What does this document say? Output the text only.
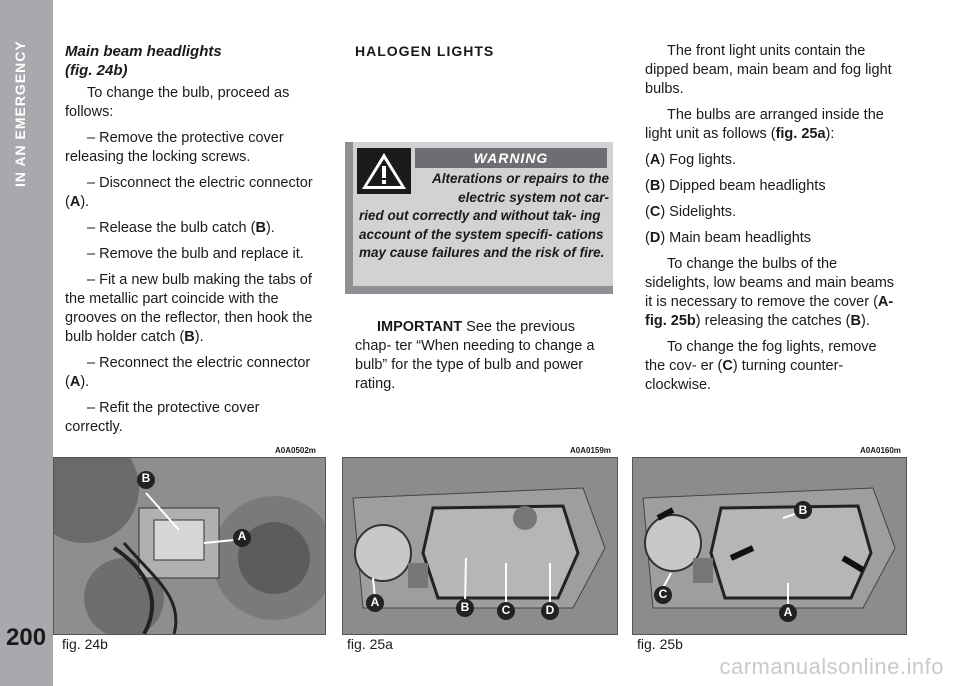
IN AN EMERGENCY
200
Main beam headlights
(fig. 24b)

To change the bulb, proceed as follows:

– Remove the protective cover releasing the locking screws.

– Disconnect the electric connector (A).

– Release the bulb catch (B).

– Remove the bulb and replace it.

– Fit a new bulb making the tabs of the metallic part coincide with the grooves on the reflector, then hook the bulb holder catch (B).

– Reconnect the electric connector (A).

– Refit the protective cover correctly.

HALOGEN LIGHTS

WARNING
Alterations or repairs to the electric system not car-
ried out correctly and without tak- ing account of the system specifi- cations may cause failures and the risk of fire.

IMPORTANT See the previous chap- ter “When needing to change a bulb” for the type of bulb and power rating.

The front light units contain the dipped beam, main beam and fog light bulbs.

The bulbs are arranged inside the light unit as follows (fig. 25a):

(A) Fog lights.

(B) Dipped beam headlights

(C) Sidelights.

(D) Main beam headlights

To change the bulbs of the sidelights, low beams and main beams it is necessary to remove the cover (A-fig. 25b) releasing the catches (B).

To change the fog lights, remove the cov- er (C) turning counter-clockwise.

A0A0502m
B
A
fig. 24b
A0A0159m
A	B	C	D
fig. 25a
A0A0160m
B
C
A
fig. 25b
carmanualsonline.info
